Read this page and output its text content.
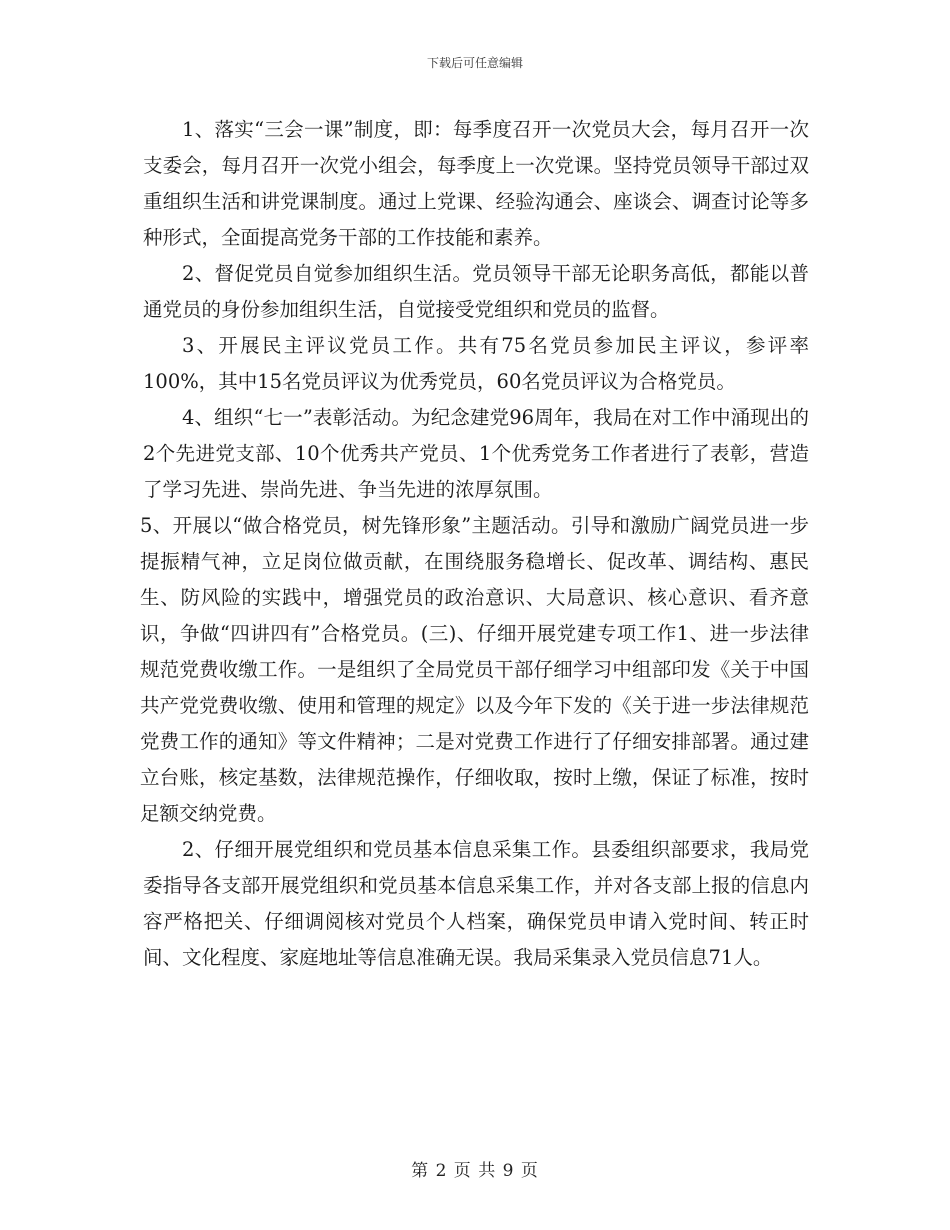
下载后可任意编辑

1、落实“三会一课”制度，即：每季度召开一次党员大会，每月召开一次支委会，每月召开一次党小组会，每季度上一次党课。坚持党员领导干部过双重组织生活和讲党课制度。通过上党课、经验沟通会、座谈会、调查讨论等多种形式，全面提高党务干部的工作技能和素养。

2、督促党员自觉参加组织生活。党员领导干部无论职务高低，都能以普通党员的身份参加组织生活，自觉接受党组织和党员的监督。

3、开展民主评议党员工作。共有75名党员参加民主评议，参评率100%，其中15名党员评议为优秀党员，60名党员评议为合格党员。

4、组织“七一”表彰活动。为纪念建党96周年，我局在对工作中涌现出的2个先进党支部、10个优秀共产党员、1个优秀党务工作者进行了表彰，营造了学习先进、崇尚先进、争当先进的浓厚氛围。

5、开展以“做合格党员，树先锋形象”主题活动。引导和激励广阔党员进一步提振精气神，立足岗位做贡献，在围绕服务稳增长、促改革、调结构、惠民生、防风险的实践中，增强党员的政治意识、大局意识、核心意识、看齐意识，争做“四讲四有”合格党员。(三)、仔细开展党建专项工作1、进一步法律规范党费收缴工作。一是组织了全局党员干部仔细学习中组部印发《关于中国共产党党费收缴、使用和管理的规定》以及今年下发的《关于进一步法律规范党费工作的通知》等文件精神；二是对党费工作进行了仔细安排部署。通过建立台账，核定基数，法律规范操作，仔细收取，按时上缴，保证了标准，按时足额交纳党费。

2、仔细开展党组织和党员基本信息采集工作。县委组织部要求，我局党委指导各支部开展党组织和党员基本信息采集工作，并对各支部上报的信息内容严格把关、仔细调阅核对党员个人档案，确保党员申请入党时间、转正时间、文化程度、家庭地址等信息准确无误。我局采集录入党员信息71人。

第 2 页 共 9 页
